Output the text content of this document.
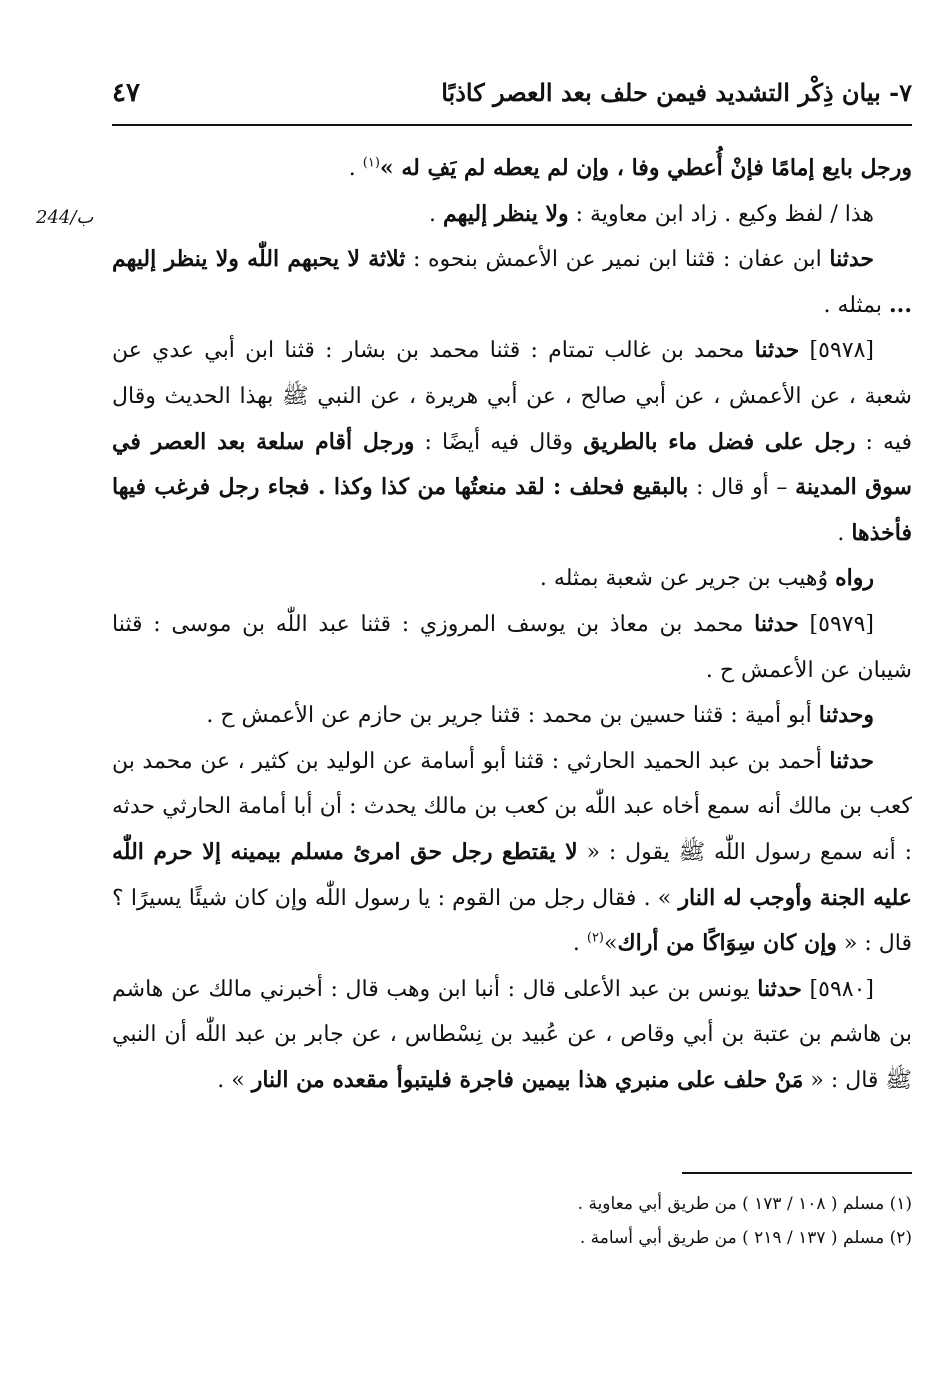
٧- بيان ذِكْر التشديد فيمن حلف بعد العصر كاذبًا
٤٧
244/ب

ورجل بايع إمامًا فإنْ أُعطي وفا ، وإن لم يعطه لم يَفِ له »$^{(١)}$ .

هذا / لفظ وكيع . زاد ابن معاوية : ولا ينظر إليهم .

حدثنا ابن عفان : قثنا ابن نمير عن الأعمش بنحوه : ثلاثة لا يحبهم اللّٰه ولا ينظر إليهم ... بمثله .

[٥٩٧٨] حدثنا محمد بن غالب تمتام : قثنا محمد بن بشار : قثنا ابن أبي عدي عن شعبة ، عن الأعمش ، عن أبي صالح ، عن أبي هريرة ، عن النبي ﷺ بهذا الحديث وقال فيه : رجل على فضل ماء بالطريق وقال فيه أيضًا : ورجل أقام سلعة بعد العصر في سوق المدينة – أو قال : بالبقيع فحلف : لقد منعتُها من كذا وكذا . فجاء رجل فرغب فيها فأخذها .

رواه وُهيب بن جرير عن شعبة بمثله .

[٥٩٧٩] حدثنا محمد بن معاذ بن يوسف المروزي : قثنا عبد اللّٰه بن موسى : قثنا شيبان عن الأعمش ح .

وحدثنا أبو أمية : قثنا حسين بن محمد : قثنا جرير بن حازم عن الأعمش ح .

حدثنا أحمد بن عبد الحميد الحارثي : قثنا أبو أسامة عن الوليد بن كثير ، عن محمد بن كعب بن مالك أنه سمع أخاه عبد اللّٰه بن كعب بن مالك يحدث : أن أبا أمامة الحارثي حدثه : أنه سمع رسول اللّٰه ﷺ يقول : « لا يقتطع رجل حق امرئ مسلم بيمينه إلا حرم اللّٰه عليه الجنة وأوجب له النار » . فقال رجل من القوم : يا رسول اللّٰه وإن كان شيئًا يسيرًا ؟ قال : « وإن كان سِوَاكًا من أراك»$^{(٢)}$ .

[٥٩٨٠] حدثنا يونس بن عبد الأعلى قال : أنبا ابن وهب قال : أخبرني مالك عن هاشم بن هاشم بن عتبة بن أبي وقاص ، عن عُبيد بن نِسْطاس ، عن جابر بن عبد اللّٰه أن النبي ﷺ قال : « مَنْ حلف على منبري هذا بيمين فاجرة فليتبوأ مقعده من النار » .

(١) مسلم ( ١٠٨ / ١٧٣ ) من طريق أبي معاوية .
(٢) مسلم ( ١٣٧ / ٢١٩ ) من طريق أبي أسامة .
